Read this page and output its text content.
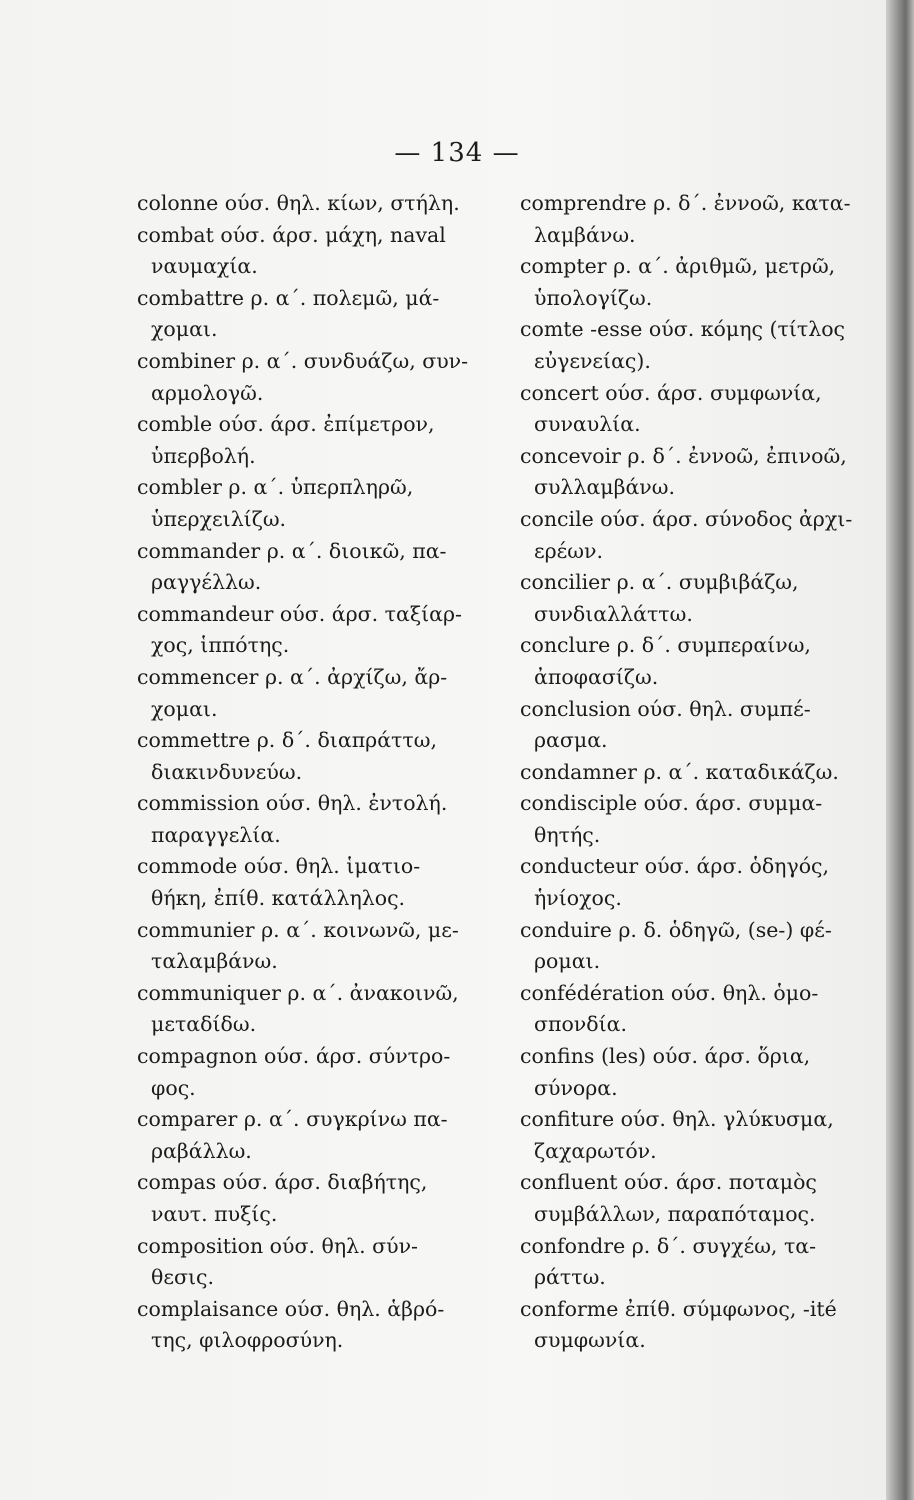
— 134 —
colonne ούσ. θηλ. κίων, στήλη.
combat ούσ. άρσ. μάχη, naval
ναυμαχία.
combattre ρ. α΄. πολεμῶ, μά-
χομαι.
combiner ρ. α΄. συνδυάζω, συν-
αρμολογῶ.
comble ούσ. άρσ. ἐπίμετρον,
ὑπερβολή.
combler ρ. α΄. ὑπερπληρῶ,
ὑπερχειλίζω.
commander ρ. α΄. διοικῶ, πα-
ραγγέλλω.
commandeur ούσ. άρσ. ταξίαρ-
χος, ἱππότης.
commencer ρ. α΄. ἀρχίζω, ἄρ-
χομαι.
commettre ρ. δ΄. διαπράττω,
διακινδυνεύω.
commission ούσ. θηλ. ἐντολή.
παραγγελία.
commode ούσ. θηλ. ἱματιο-
θήκη, ἐπίθ. κατάλληλος.
communier ρ. α΄. κοινωνῶ, με-
ταλαμβάνω.
communiquer ρ. α΄. ἀνακοινῶ,
μεταδίδω.
compagnon ούσ. άρσ. σύντρο-
φος.
comparer ρ. α΄. συγκρίνω πα-
ραβάλλω.
compas ούσ. άρσ. διαβήτης,
ναυτ. πυξίς.
composition ούσ. θηλ. σύν-
θεσις.
complaisance ούσ. θηλ. ἁβρό-
της, φιλοφροσύνη.
comprendre ρ. δ΄. ἐννοῶ, κατα-
λαμβάνω.
compter ρ. α΄. ἀριθμῶ, μετρῶ,
ὑπολογίζω.
comte -esse ούσ. κόμης (τίτλος
εὐγενείας).
concert ούσ. άρσ. συμφωνία,
συναυλία.
concevoir ρ. δ΄. ἐννοῶ, ἐπινοῶ,
συλλαμβάνω.
concile ούσ. άρσ. σύνοδος ἀρχι-
ερέων.
concilier ρ. α΄. συμβιβάζω,
συνδιαλλάττω.
conclure ρ. δ΄. συμπεραίνω,
ἀποφασίζω.
conclusion ούσ. θηλ. συμπέ-
ρασμα.
condamner ρ. α΄. καταδικάζω.
condisciple ούσ. άρσ. συμμα-
θητής.
conducteur ούσ. άρσ. ὁδηγός,
ἡνίοχος.
conduire ρ. δ. ὁδηγῶ, (se-) φέ-
ρομαι.
confédération ούσ. θηλ. ὁμο-
σπονδία.
confins (les) ούσ. άρσ. ὅρια,
σύνορα.
confiture ούσ. θηλ. γλύκυσμα,
ζαχαρωτόν.
confluent ούσ. άρσ. ποταμὸς
συμβάλλων, παραπόταμος.
confondre ρ. δ΄. συγχέω, τα-
ράττω.
conforme ἐπίθ. σύμφωνος, -ité
συμφωνία.
